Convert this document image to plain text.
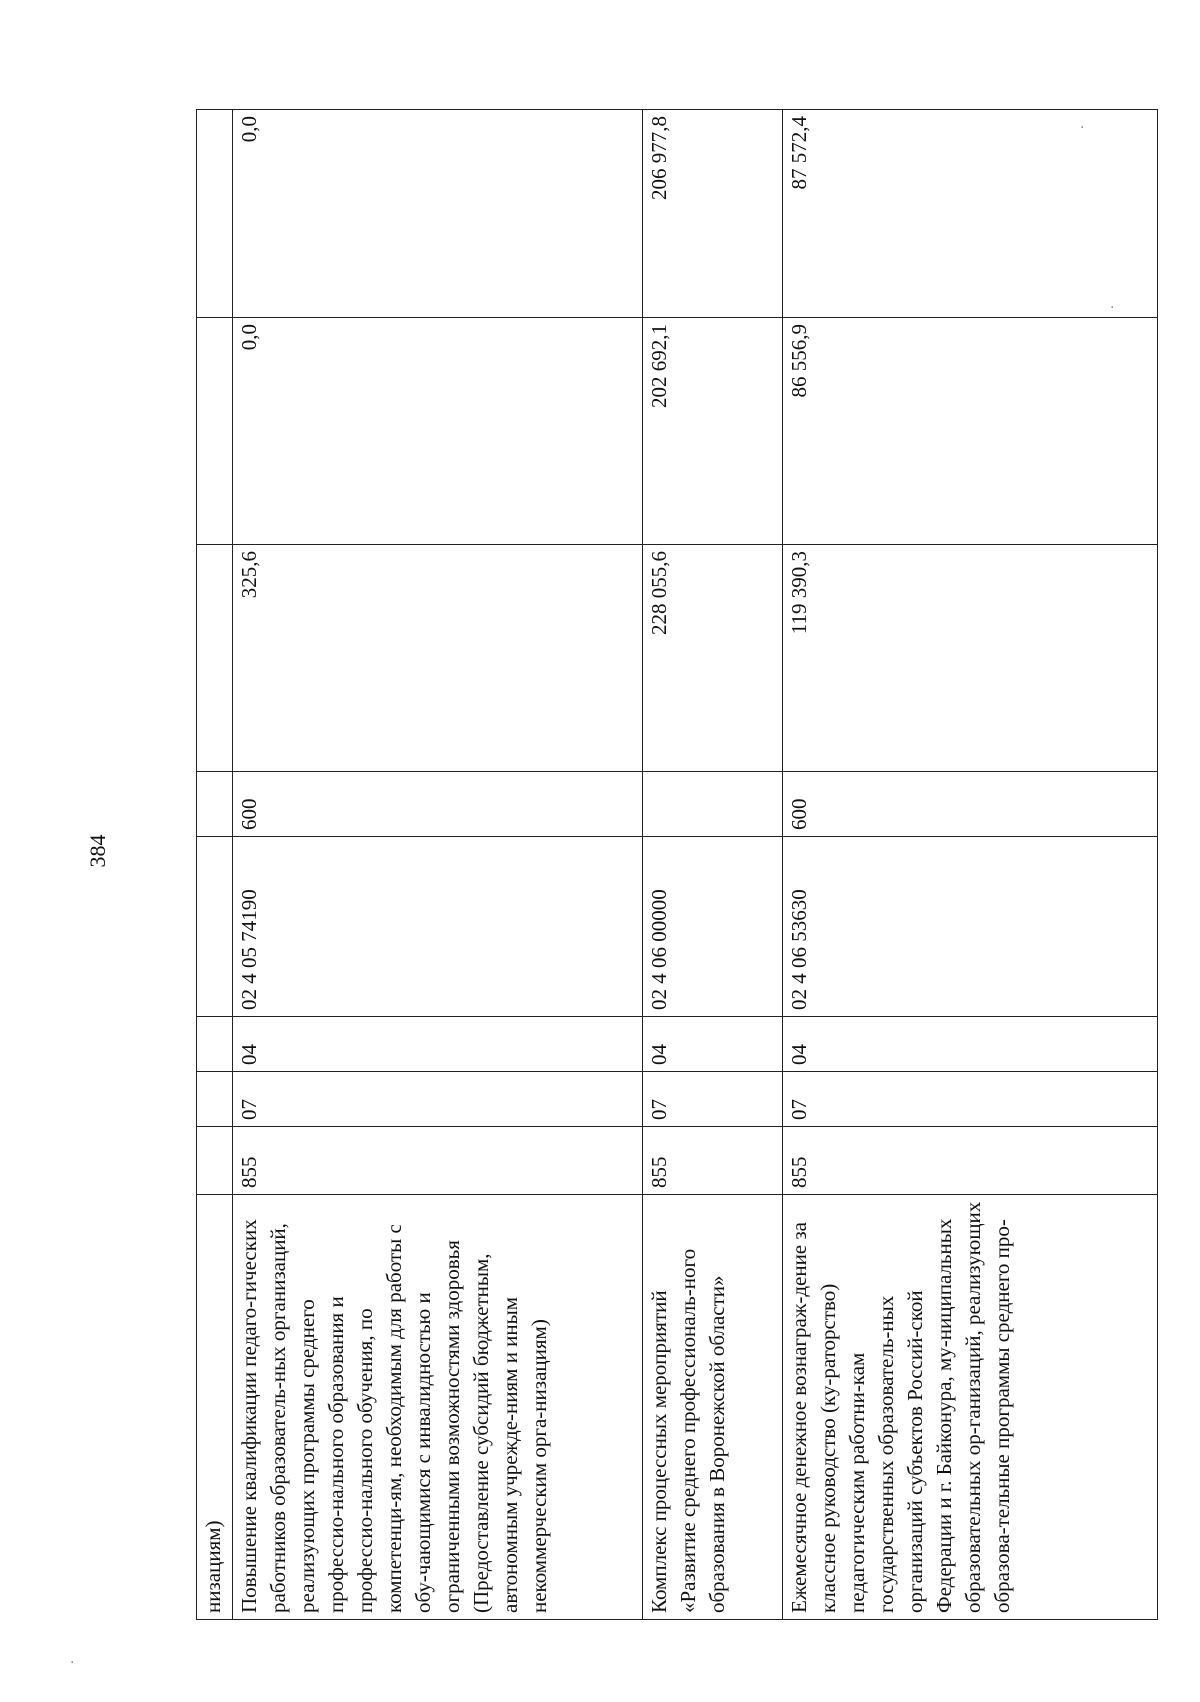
384
·
·
·
низациям)								
Повышение квалификации педаго-гических работников образователь-ных организаций, реализующих программы среднего профессио-нального образования и профессио-нального обучения, по компетенци-ям, необходимым для работы с обу-чающимися с инвалидностью и ограниченными возможностями здоровья (Предоставление субсидий бюджетным, автономным учрежде-ниям и иным некоммерческим орга-низациям)	855	07	04	02 4 05 74190	600	325,6	0,0	0,0
Комплекс процессных мероприятий «Развитие среднего профессиональ-ного образования в Воронежской области»	855	07	04	02 4 06 00000		228 055,6	202 692,1	206 977,8
Ежемесячное денежное вознаграж-дение за классное руководство (ку-раторство) педагогическим работни-кам государственных образователь-ных организаций субъектов Россий-ской Федерации и г. Байконура, му-ниципальных образовательных ор-ганизаций, реализующих образова-тельные программы среднего про-	855	07	04	02 4 06 53630	600	119 390,3	86 556,9	87 572,4
